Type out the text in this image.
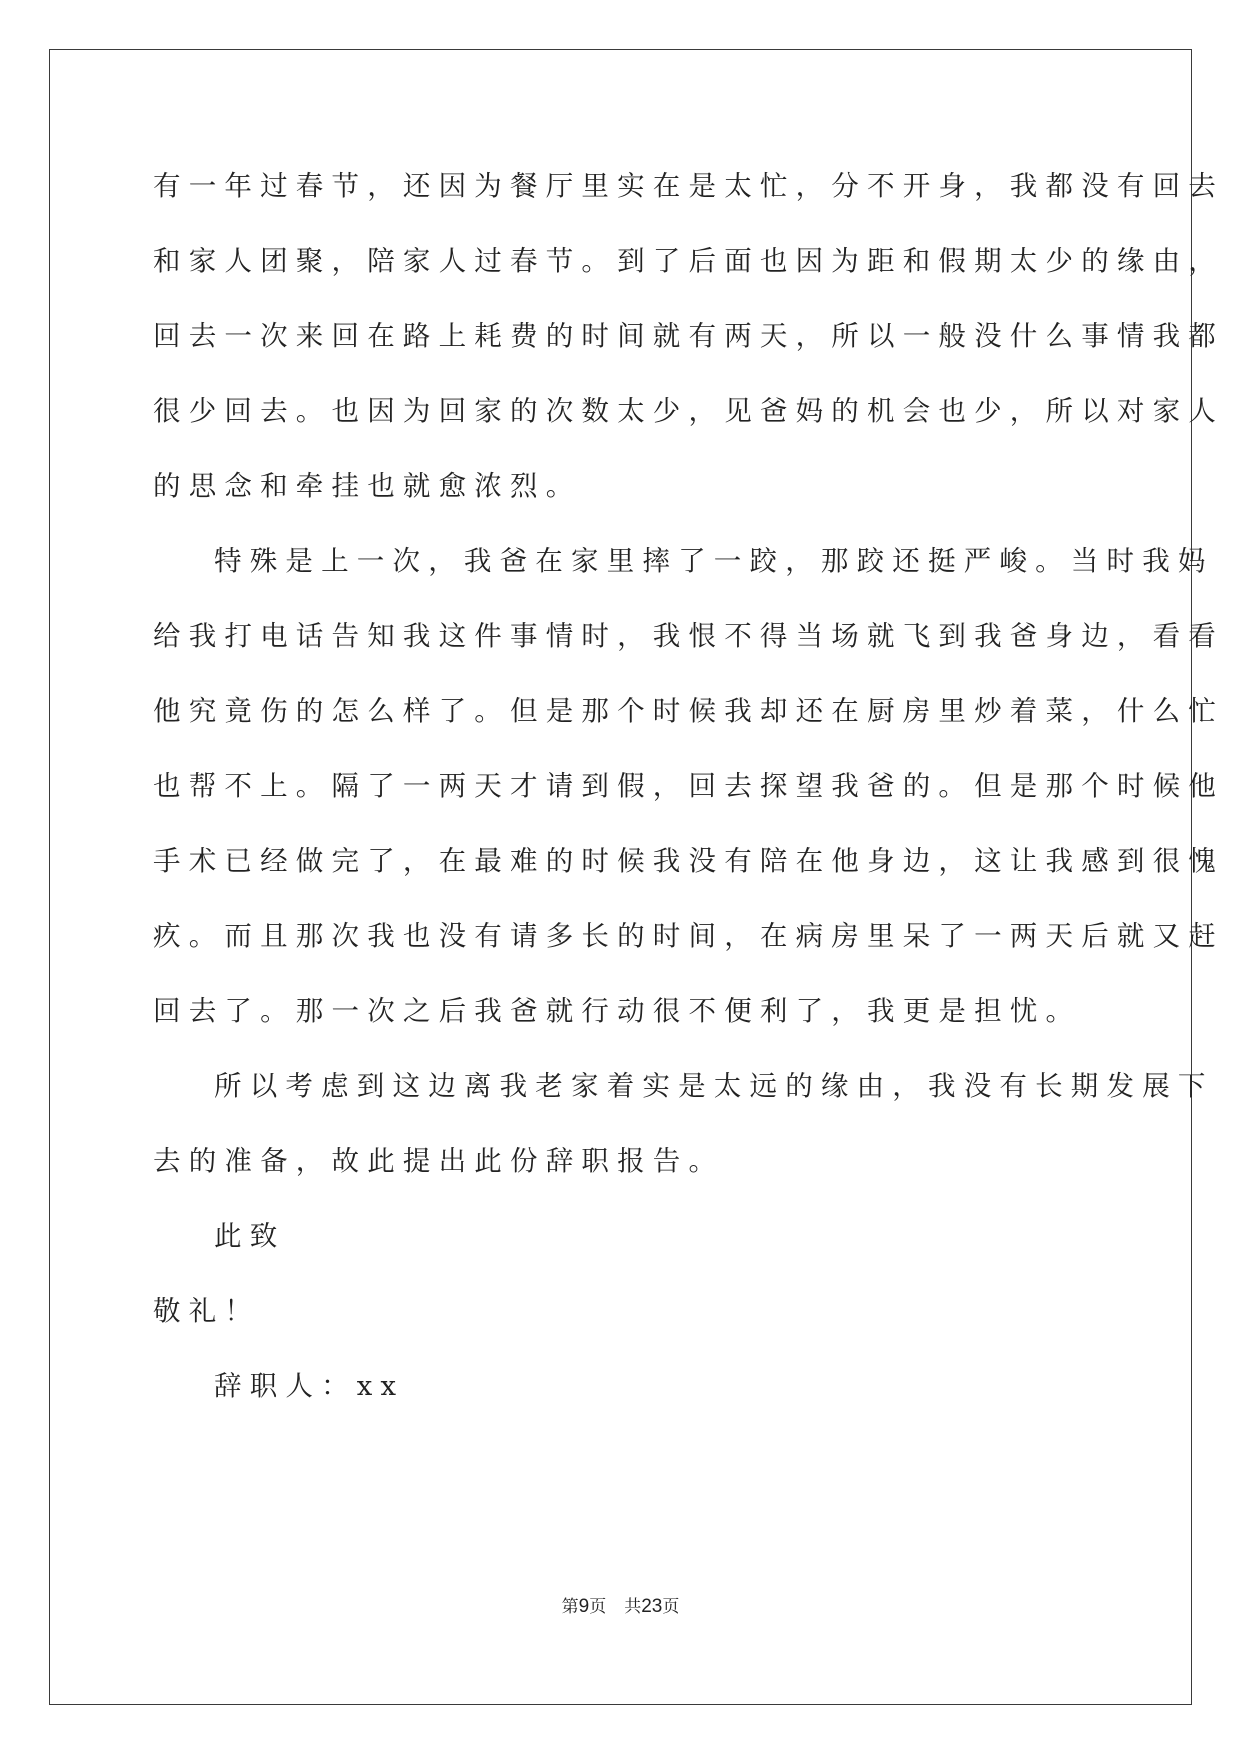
有一年过春节，还因为餐厅里实在是太忙，分不开身，我都没有回去
和家人团聚，陪家人过春节。到了后面也因为距和假期太少的缘由，
回去一次来回在路上耗费的时间就有两天，所以一般没什么事情我都
很少回去。也因为回家的次数太少，见爸妈的机会也少，所以对家人
的思念和牵挂也就愈浓烈。
特殊是上一次，我爸在家里摔了一跤，那跤还挺严峻。当时我妈
给我打电话告知我这件事情时，我恨不得当场就飞到我爸身边，看看
他究竟伤的怎么样了。但是那个时候我却还在厨房里炒着菜，什么忙
也帮不上。隔了一两天才请到假，回去探望我爸的。但是那个时候他
手术已经做完了，在最难的时候我没有陪在他身边，这让我感到很愧
疚。而且那次我也没有请多长的时间，在病房里呆了一两天后就又赶
回去了。那一次之后我爸就行动很不便利了，我更是担忧。
所以考虑到这边离我老家着实是太远的缘由，我没有长期发展下
去的准备，故此提出此份辞职报告。
此致
敬礼！
辞职人：xx
第9页 共23页
